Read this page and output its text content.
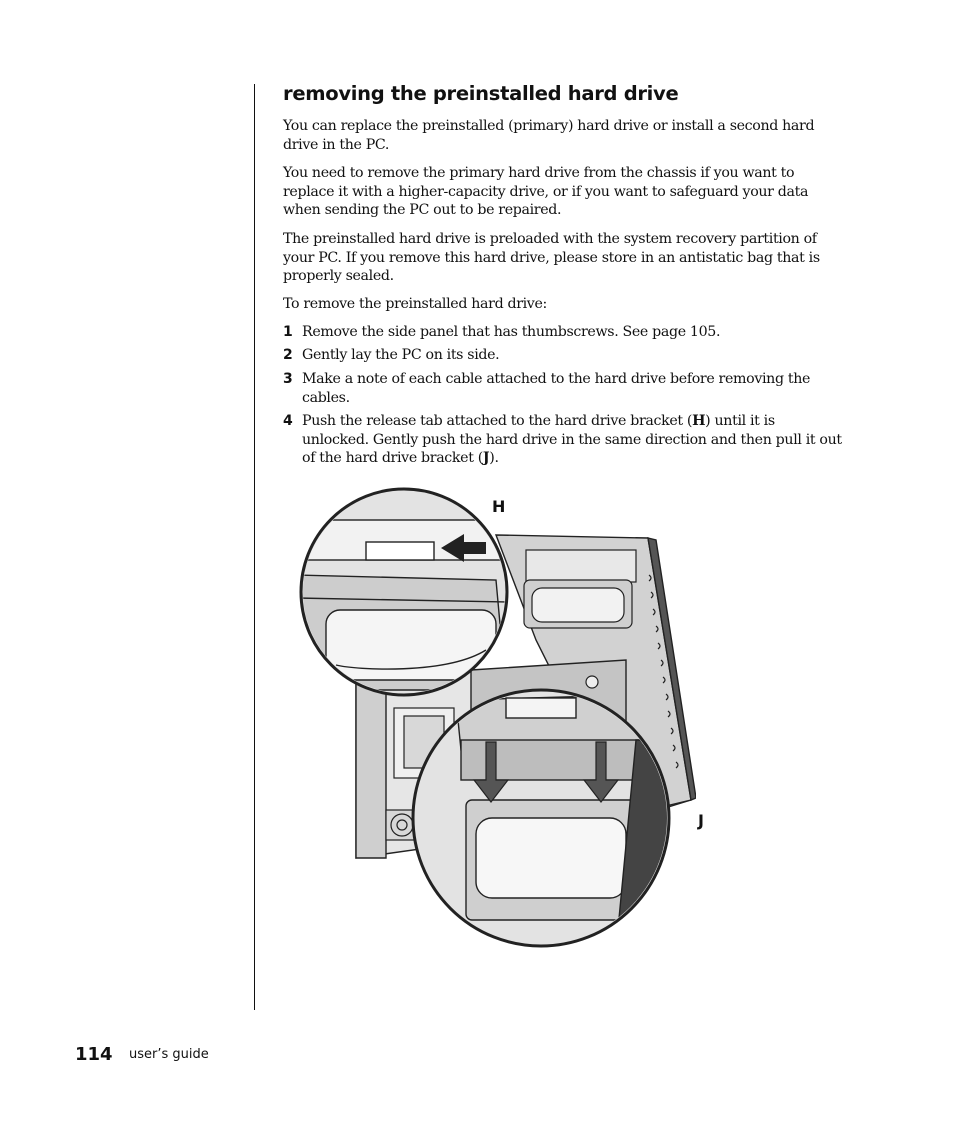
removing the preinstalled hard drive

You can replace the preinstalled (primary) hard drive or install a second hard drive in the PC.

You need to remove the primary hard drive from the chassis if you want to replace it with a higher-capacity drive, or if you want to safeguard your data when sending the PC out to be repaired.

The preinstalled hard drive is preloaded with the system recovery partition of your PC. If you remove this hard drive, please store in an antistatic bag that is properly sealed.

To remove the preinstalled hard drive:

1 Remove the side panel that has thumbscrews. See page 105.
2 Gently lay the PC on its side.
3 Make a note of each cable attached to the hard drive before removing the cables.
4 Push the release tab attached to the hard drive bracket (H) until it is unlocked. Gently push the hard drive in the same direction and then pull it out of the hard drive bracket (J).
H
J
114 user’s guide
